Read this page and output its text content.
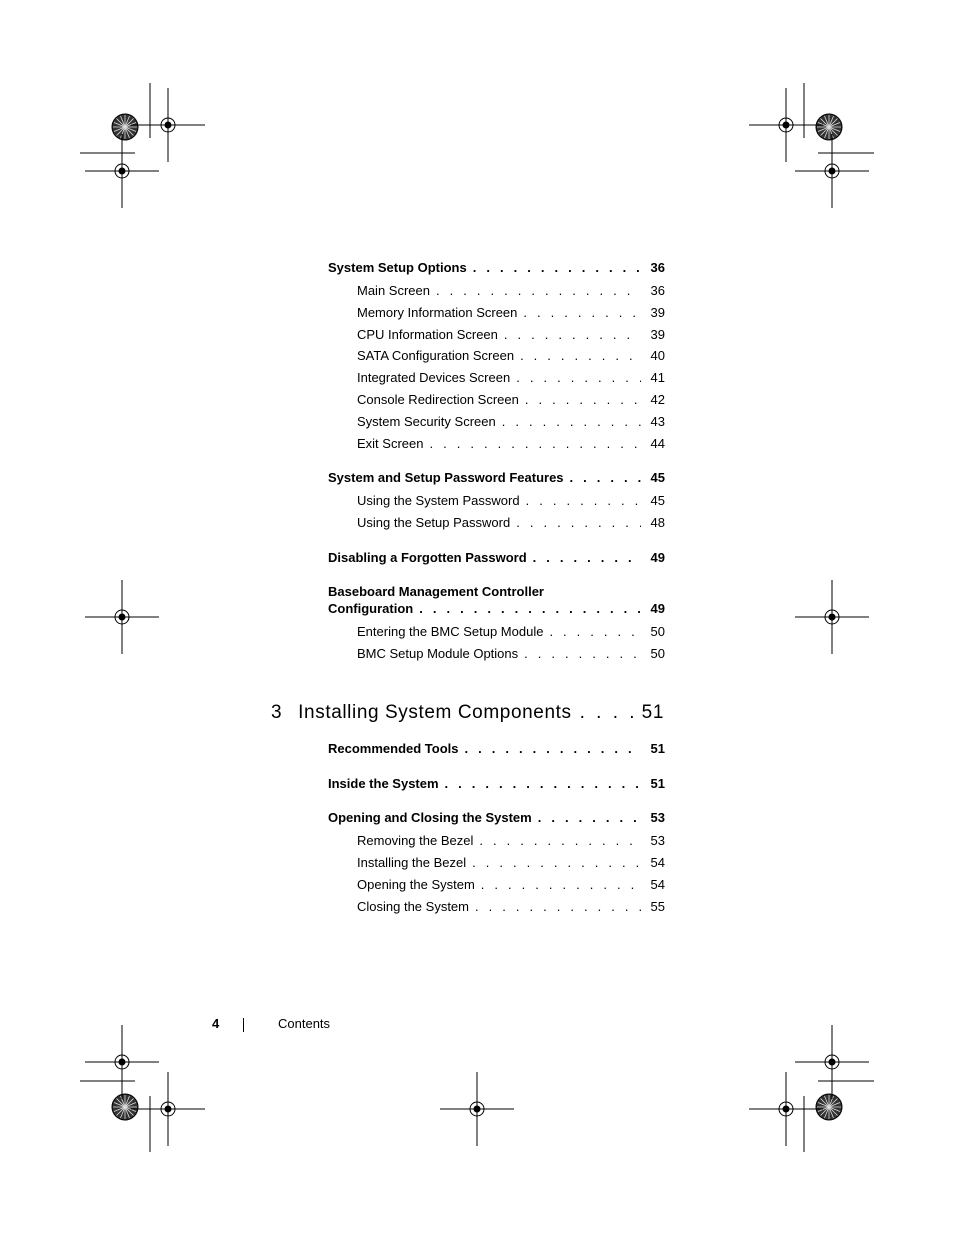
System Setup Options . . .	36
Main Screen . . .	36
Memory Information Screen . . .	39
CPU Information Screen . . .	39
SATA Configuration Screen . . .	40
Integrated Devices Screen . . .	41
Console Redirection Screen . . .	42
System Security Screen . . .	43
Exit Screen . . .	44
System and Setup Password Features . . .	45
Using the System Password . . .	45
Using the Setup Password . . .	48
Disabling a Forgotten Password . . .	49
Baseboard Management Controller
Configuration . . .	49
Entering the BMC Setup Module . . .	50
BMC Setup Module Options . . .	50
3 Installing System Components . . .	51
Recommended Tools . . .	51
Inside the System . . .	51
Opening and Closing the System . . .	53
Removing the Bezel . . .	53
Installing the Bezel . . .	54
Opening the System . . .	54
Closing the System . . .	55
4	Contents
